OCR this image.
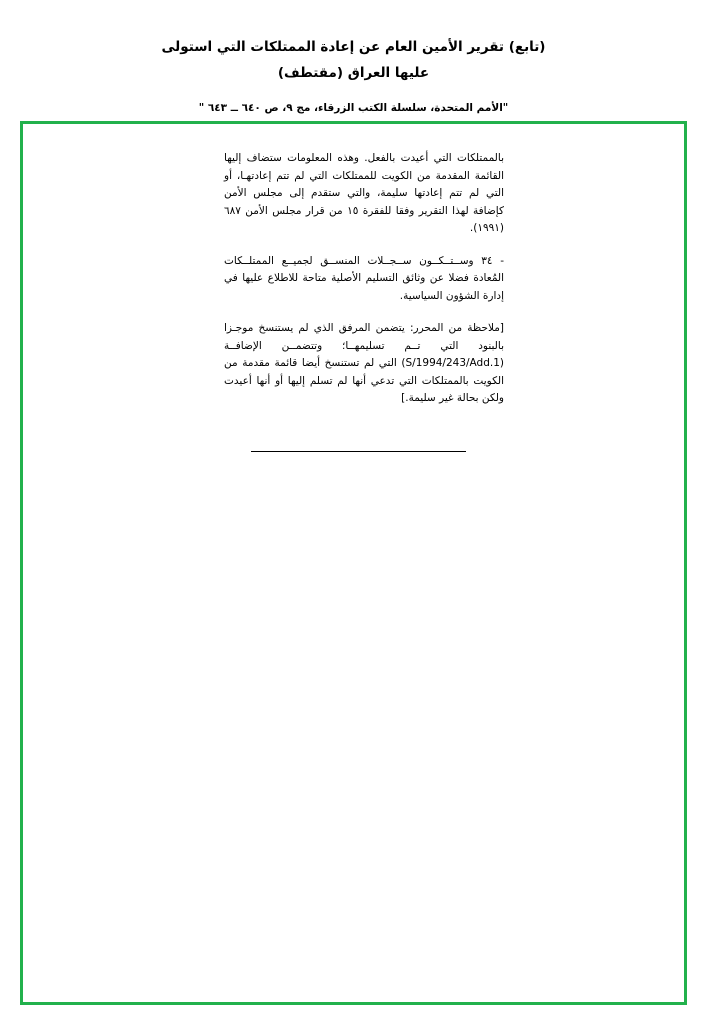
(تابع) تقرير الأمين العام عن إعادة الممتلكات التي استولى
عليها العراق (مقتطف)
"الأمم المتحدة، سلسلة الكتب الزرقاء، مج ٩، ص ٦٤٠ ــ ٦٤٣ "

بالممتلكات التي أعيدت بالفعل. وهذه المعلومات ستضاف إليها القائمة المقدمة من الكويت للممتلكات التي لم تتم إعادتهـا، أو التي لم تتم إعادتها سليمة، والتي ستقدم إلى مجلس الأمن كإضافة لهذا التقرير وفقا للفقرة ١٥ من قرار مجلس الأمن ٦٨٧ (١٩٩١).

- ٣٤ وســتــكــون ســجــلات المنســق لجميــع الممتلــكات المُعادة فضلا عن وثائق التسليم الأصلية متاحة للاطلاع عليها في إدارة الشؤون السياسية.

[ملاحظة من المحرر: يتضمن المرفق الذي لم يستنسخ موجـزا بالبنود التي تــم تسليمهــا؛ وتتضمــن الإضافــة (S/1994/243/Add.1) التي لم تستنسخ أيضا قائمة مقدمة من الكويت بالممتلكات التي تدعي أنها لم تسلم إليها أو أنها أعيدت ولكن بحالة غير سليمة.]
